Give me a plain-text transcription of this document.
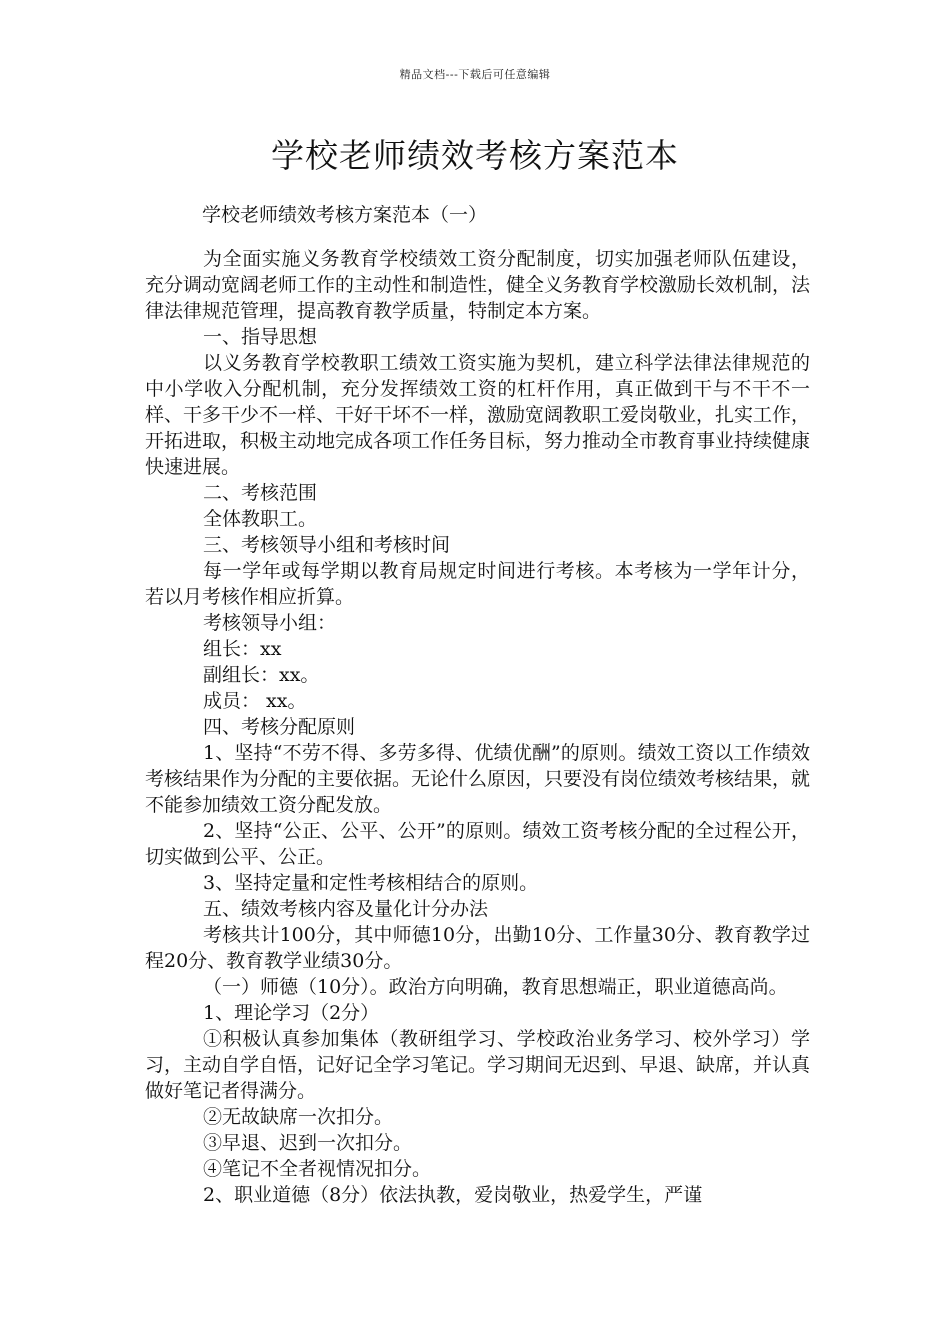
精品文档---下载后可任意编辑
学校老师绩效考核方案范本
学校老师绩效考核方案范本（一）

为全面实施义务教育学校绩效工资分配制度，切实加强老师队伍建设，充分调动宽阔老师工作的主动性和制造性，健全义务教育学校激励长效机制，法律法律规范管理，提高教育教学质量，特制定本方案。

一、指导思想

以义务教育学校教职工绩效工资实施为契机，建立科学法律法律规范的中小学收入分配机制，充分发挥绩效工资的杠杆作用，真正做到干与不干不一样、干多干少不一样、干好干坏不一样，激励宽阔教职工爱岗敬业，扎实工作，开拓进取，积极主动地完成各项工作任务目标，努力推动全市教育事业持续健康快速进展。

二、考核范围

全体教职工。

三、考核领导小组和考核时间

每一学年或每学期以教育局规定时间进行考核。本考核为一学年计分，若以月考核作相应折算。

考核领导小组：

组长：xx

副组长：xx。

成员： xx。

四、考核分配原则

1、坚持“不劳不得、多劳多得、优绩优酬”的原则。绩效工资以工作绩效考核结果作为分配的主要依据。无论什么原因，只要没有岗位绩效考核结果，就不能参加绩效工资分配发放。

2、坚持“公正、公平、公开”的原则。绩效工资考核分配的全过程公开，切实做到公平、公正。

3、坚持定量和定性考核相结合的原则。

五、绩效考核内容及量化计分办法

考核共计100分，其中师德10分，出勤10分、工作量30分、教育教学过程20分、教育教学业绩30分。

（一）师德（10分）。政治方向明确，教育思想端正，职业道德高尚。

1、理论学习（2分）

①积极认真参加集体（教研组学习、学校政治业务学习、校外学习）学习，主动自学自悟，记好记全学习笔记。学习期间无迟到、早退、缺席，并认真做好笔记者得满分。

②无故缺席一次扣分。

③早退、迟到一次扣分。

④笔记不全者视情况扣分。

2、职业道德（8分）依法执教，爱岗敬业，热爱学生，严谨
